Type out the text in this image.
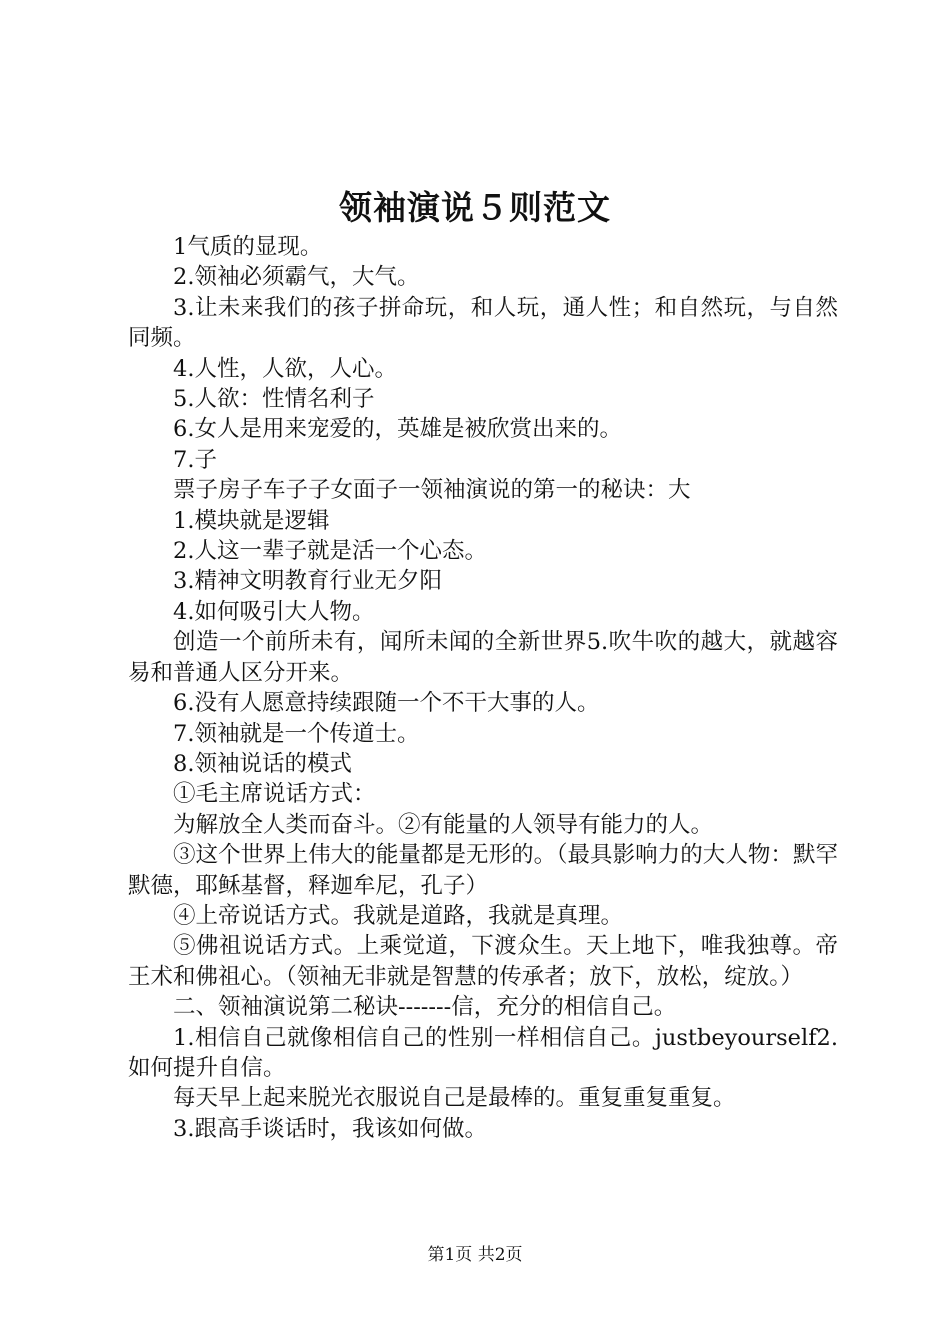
领袖演说５则范文

1气质的显现。

2.领袖必须霸气，大气。

3.让未来我们的孩子拼命玩，和人玩，通人性；和自然玩，与自然同频。

4.人性，人欲，人心。

5.人欲：性情名利子

6.女人是用来宠爱的，英雄是被欣赏出来的。

7.子

票子房子车子子女面子一领袖演说的第一的秘诀：大

1.模块就是逻辑

2.人这一辈子就是活一个心态。

3.精神文明教育行业无夕阳

4.如何吸引大人物。

创造一个前所未有，闻所未闻的全新世界5.吹牛吹的越大，就越容易和普通人区分开来。

6.没有人愿意持续跟随一个不干大事的人。

7.领袖就是一个传道士。

8.领袖说话的模式

①毛主席说话方式：

为解放全人类而奋斗。②有能量的人领导有能力的人。

③这个世界上伟大的能量都是无形的。（最具影响力的大人物：默罕默德，耶稣基督，释迦牟尼，孔子）

④上帝说话方式。我就是道路，我就是真理。

⑤佛祖说话方式。上乘觉道，下渡众生。天上地下，唯我独尊。帝王术和佛祖心。（领袖无非就是智慧的传承者；放下，放松，绽放。）

二、领袖演说第二秘诀-------信，充分的相信自己。

1.相信自己就像相信自己的性别一样相信自己。justbeyourself2.如何提升自信。

每天早上起来脱光衣服说自己是最棒的。重复重复重复。

3.跟高手谈话时，我该如何做。

第1页 共2页
